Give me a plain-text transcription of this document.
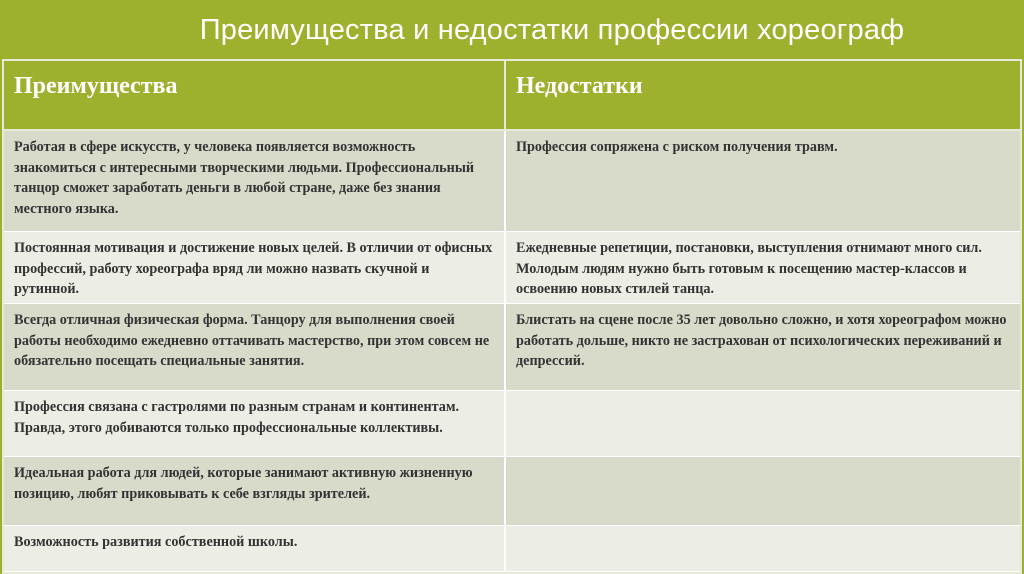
Преимущества и недостатки профессии хореограф
Преимущества	Недостатки
Работая в сфере искусств, у человека появляется возможность знакомиться с интересными творческими людьми. Профессиональный танцор сможет заработать деньги в любой стране, даже без знания местного языка.
Профессия сопряжена с риском получения травм.
Постоянная мотивация и достижение новых целей. В отличии от офисных профессий, работу хореографа вряд ли можно назвать скучной и рутинной.
Ежедневные репетиции, постановки, выступления отнимают много сил. Молодым людям нужно быть готовым к посещению мастер-классов и освоению новых стилей танца.
Всегда отличная физическая форма. Танцору для выполнения своей работы необходимо ежедневно оттачивать мастерство, при этом совсем не обязательно посещать специальные занятия.
Блистать на сцене после 35 лет довольно сложно, и хотя хореографом можно работать дольше, никто не застрахован от психологических переживаний и депрессий.
Профессия связана с гастролями по разным странам и континентам. Правда, этого добиваются только профессиональные коллективы.
Идеальная работа для людей, которые занимают активную жизненную позицию, любят приковывать к себе взгляды зрителей.
Возможность развития собственной школы.
